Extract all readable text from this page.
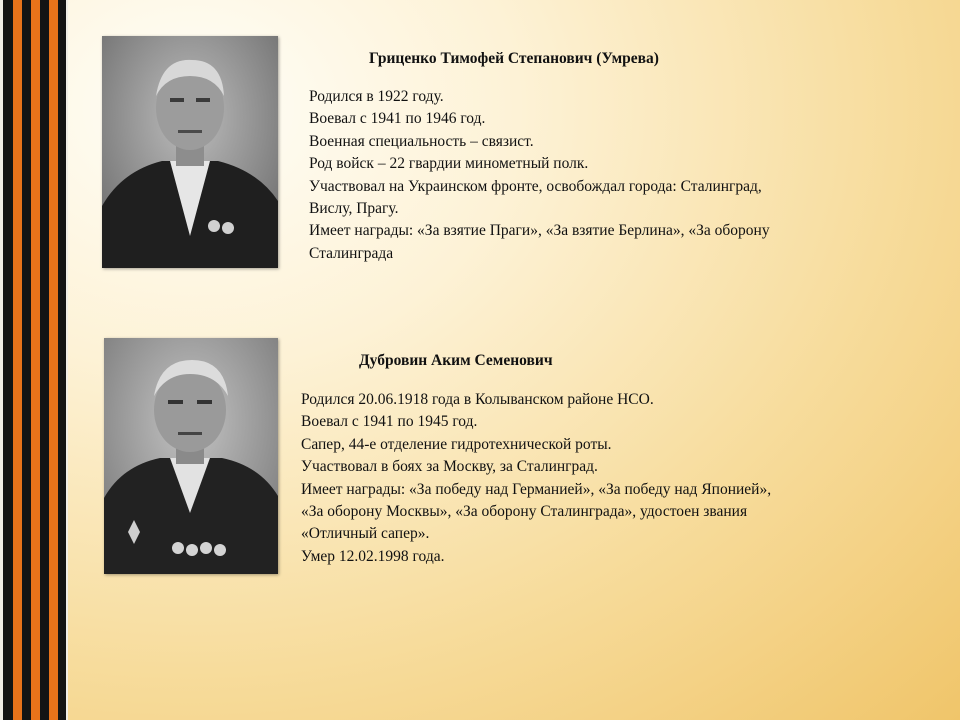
Гриценко Тимофей Степанович (Умрева)
Родился в 1922 году.
Воевал с 1941 по 1946 год.
Военная специальность – связист.
Род войск – 22 гвардии минометный полк.
Участвовал на Украинском фронте, освобождал города: Сталинград,
Вислу, Прагу.
Имеет награды: «За взятие Праги», «За взятие Берлина», «За оборону
Сталинграда
Дубровин Аким Семенович
Родился 20.06.1918 года в Колыванском районе НСО.
Воевал с 1941 по 1945 год.
Сапер, 44-е отделение гидротехнической роты.
Участвовал в боях за Москву, за Сталинград.
Имеет награды: «За победу над Германией», «За победу над Японией»,
«За оборону Москвы», «За оборону Сталинграда», удостоен звания
«Отличный сапер».
Умер 12.02.1998 года.
